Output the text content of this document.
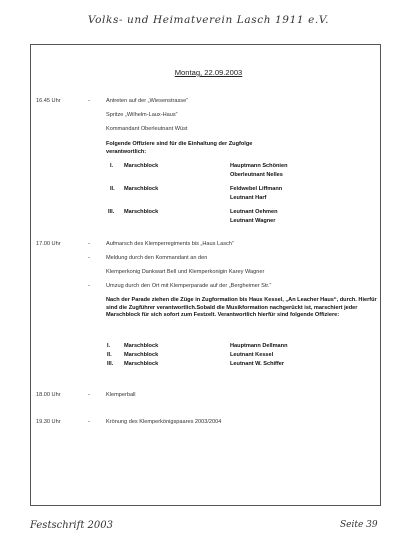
Volks- und Heimatverein Lasch 1911 e.V.
Montag, 22.09.2003
16.45 Uhr	-	Antreten auf der „Wiesenstrasse“
Spritze „Wilhelm-Laux-Haus“
Kommandant Oberleutnant Wüst
Folgende Offiziere sind für die Einhaltung der Zugfolge
verantwortlich:
I. Marschblock	Hauptmann Schönien
Oberleutnant Nelles
II. Marschblock	Feldwebel Liffmann
Leutnant Harf
III. Marschblock	Leutnant Oehmen
Leutnant Wagner
17.00 Uhr	-	Aufmarsch des Klemperregiments bis „Haus Lasch“
-	Meldung durch den Kommandant an den
Klemperkonig Dankwart Bell und Klemperkonigin Karey Wagner
-	Umzug durch den Ort mit Klemperparade auf der „Bergheimer Str.“
Nach der Parade ziehen die Züge in Zugformation bis Haus Kessel, „An Leacher Haus“, durch. Hierfür sind die Zugführer verantwortlich.Sobald die Musikformation nachgerückt ist, marschiert jeder Marschblock für sich sofort zum Festzelt. Verantwortlich hierfür sind folgende Offiziere:
I. Marschblock	Hauptmann Dellmann
II. Marschblock	Leutnant Kessel
III. Marschblock	Leutnant W. Schiffer
18.00 Uhr	-	Klemperball
19.30 Uhr	-	Krönung des Klemperkönigspaares 2003/2004
Festschrift 2003	Seite 39
